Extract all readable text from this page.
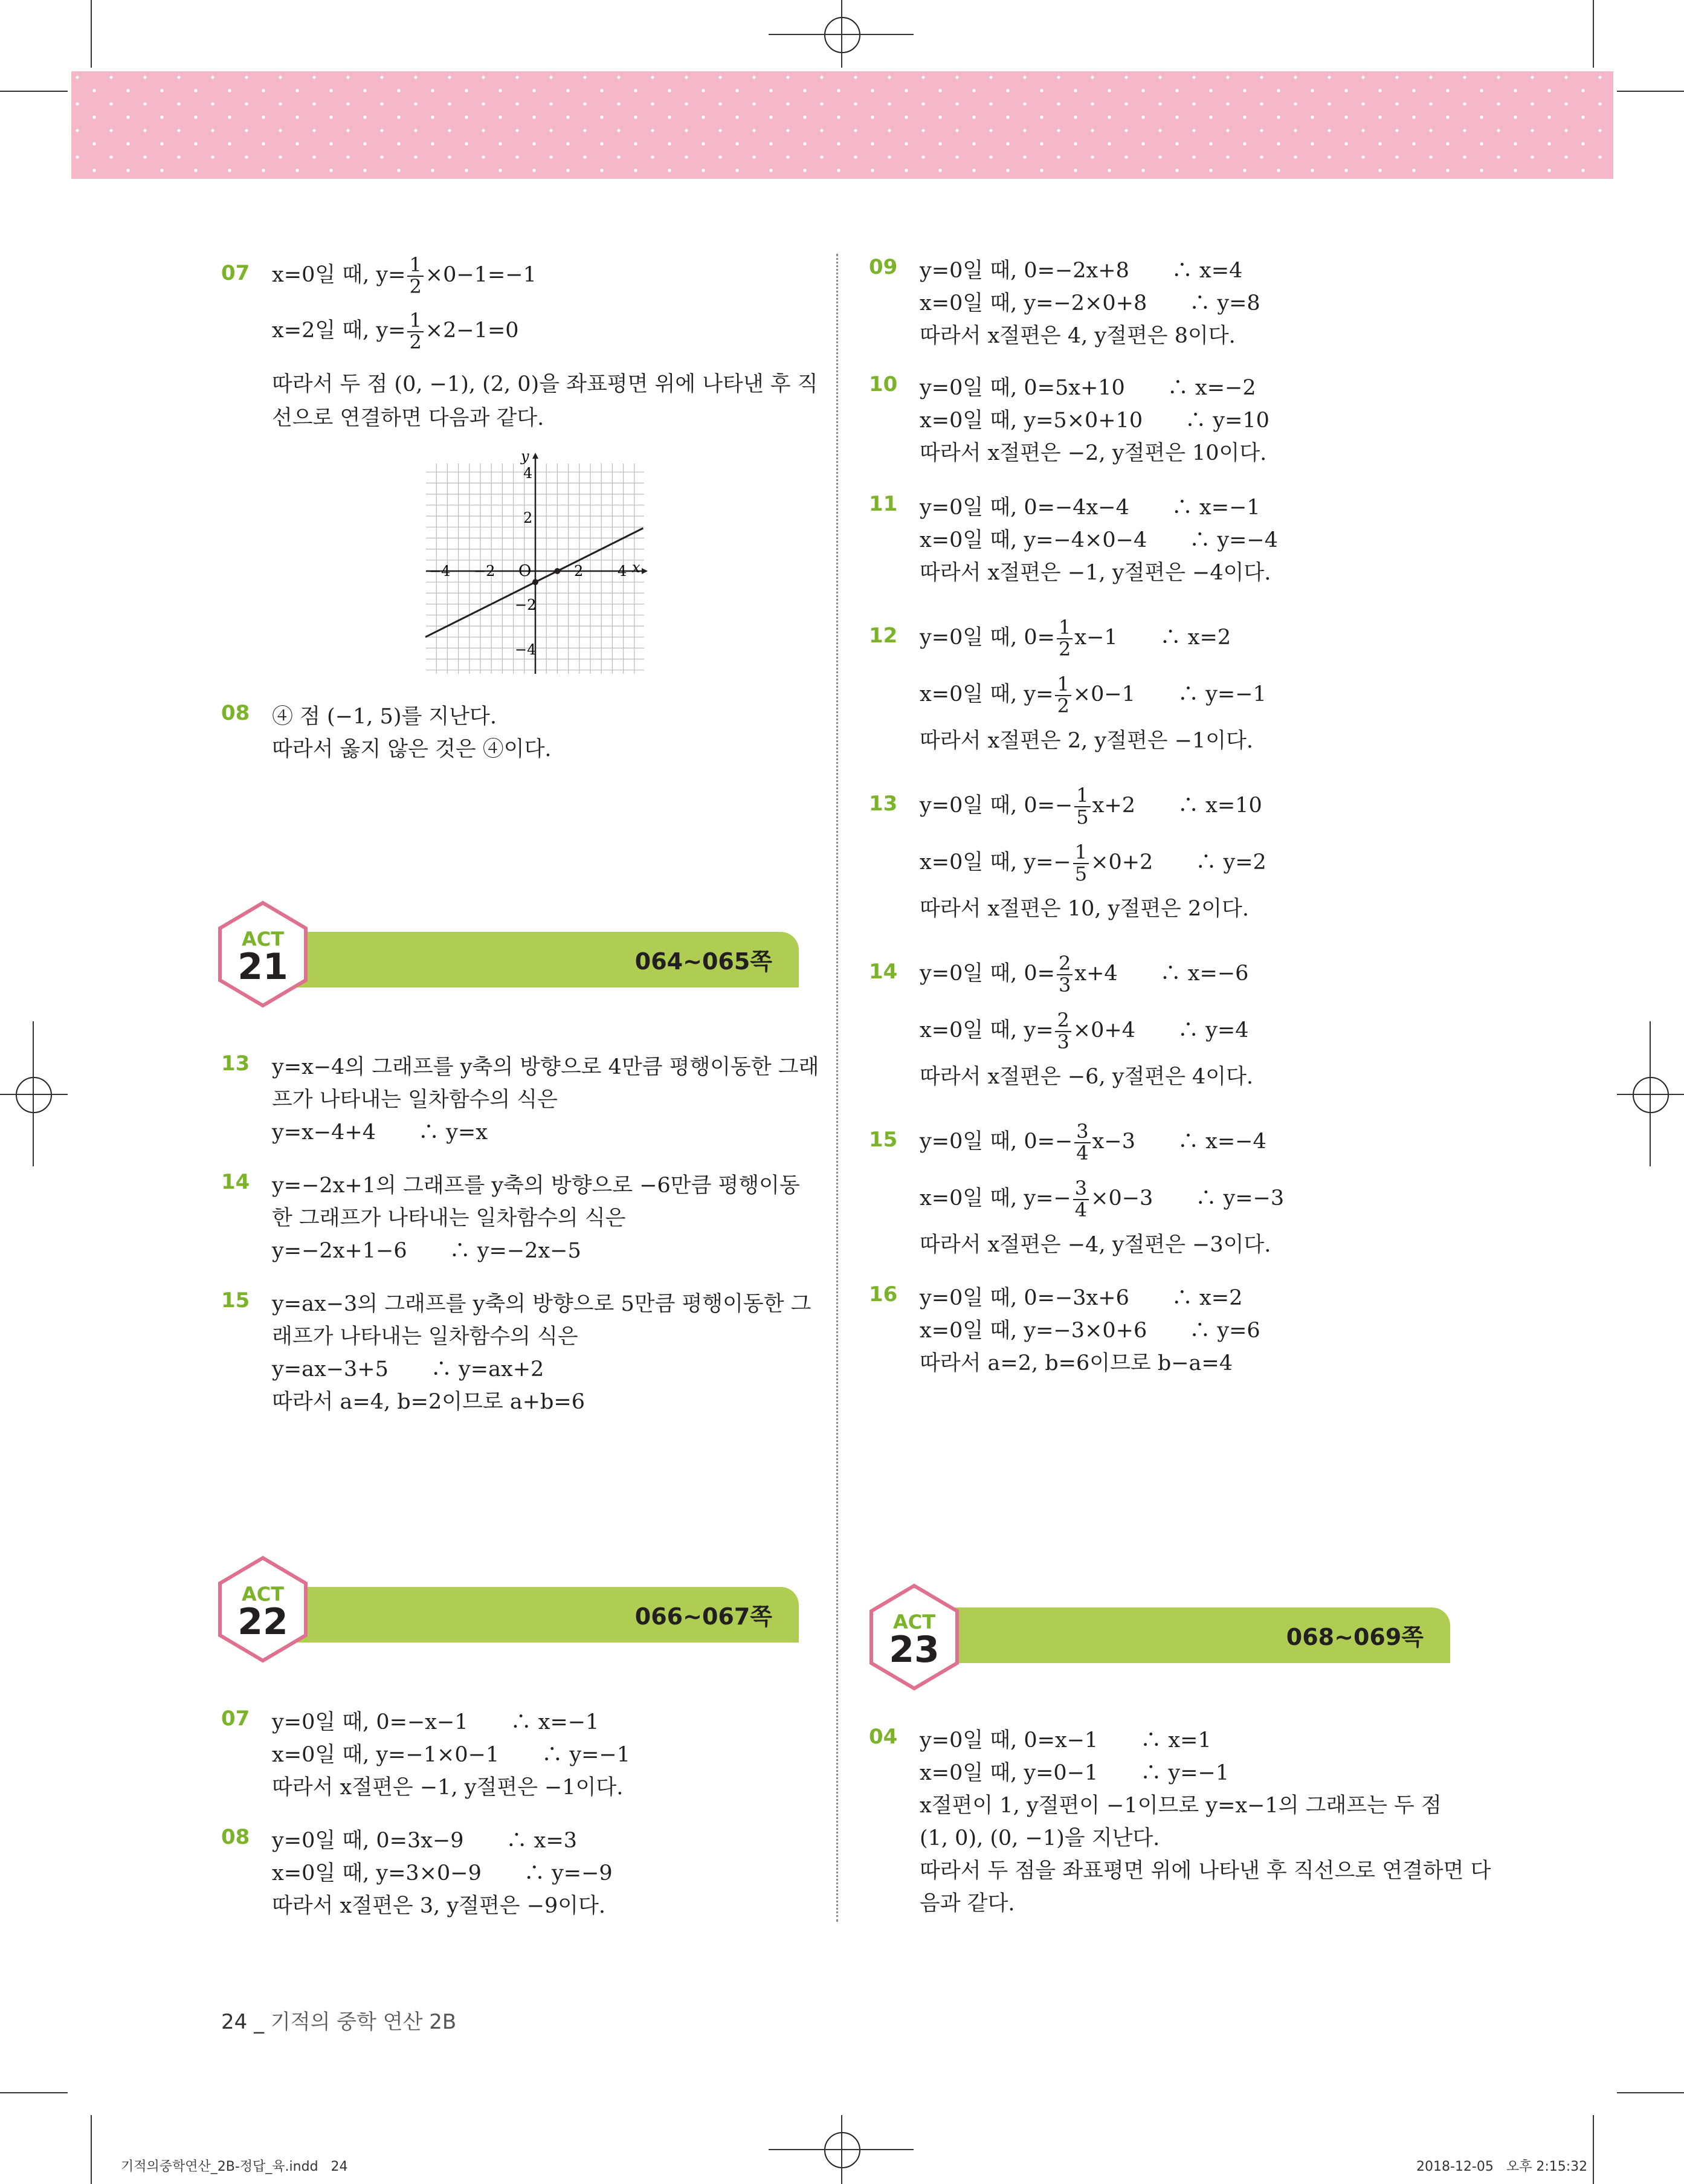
07 x=0일 때, $y= \frac{1}{2} \times 0-1=-1$
x=2일 때, $y= \frac{1}{2} \times 2-1=0$
따라서 두 점 (0, −1), (2, 0)을 좌표평면 위에 나타낸 후 직
선으로 연결하면 다음과 같다.
y
x
O
−4 −2	2 4
4
2
−2
−4
08 ④ 점 (−1, 5)를 지난다.
따라서 옳지 않은 것은 ④이다.
064~065쪽
ACT
21
13 y=x−4의 그래프를 y축의 방향으로 4만큼 평행이동한 그래
프가 나타내는 일차함수의 식은
y=x−4+4　　∴ y=x
14 y=−2x+1의 그래프를 y축의 방향으로 −6만큼 평행이동
한 그래프가 나타내는 일차함수의 식은
y=−2x+1−6　　∴ y=−2x−5
15 y=ax−3의 그래프를 y축의 방향으로 5만큼 평행이동한 그
래프가 나타내는 일차함수의 식은
y=ax−3+5　　∴ y=ax+2
따라서 a=4, b=2이므로 a+b=6
066~067쪽
ACT
22
07 y=0일 때, 0=−x−1　　∴ x=−1
x=0일 때, y=−1×0−1　　∴ y=−1
따라서 x절편은 −1, y절편은 −1이다.
08 y=0일 때, 0=3x−9　　∴ x=3
x=0일 때, y=3×0−9　　∴ y=−9
따라서 x절편은 3, y절편은 −9이다.
09 y=0일 때, 0=−2x+8　　∴ x=4
x=0일 때, y=−2×0+8　　∴ y=8
따라서 x절편은 4, y절편은 8이다.
10 y=0일 때, 0=5x+10　　∴ x=−2
x=0일 때, y=5×0+10　　∴ y=10
따라서 x절편은 −2, y절편은 10이다.
11 y=0일 때, 0=−4x−4　　∴ x=−1
x=0일 때, y=−4×0−4　　∴ y=−4
따라서 x절편은 −1, y절편은 −4이다.
12 y=0일 때, $0= \frac{1}{2} x-1$　　∴ x=2
x=0일 때, $y= \frac{1}{2} \times 0-1$　　∴ y=−1
따라서 x절편은 2, y절편은 −1이다.
13 y=0일 때, $0=- \frac{1}{5} x+2$　　∴ x=10
x=0일 때, $y=- \frac{1}{5} \times 0+2$　　∴ y=2
따라서 x절편은 10, y절편은 2이다.
14 y=0일 때, $0= \frac{2}{3} x+4$　　∴ x=−6
x=0일 때, $y= \frac{2}{3} \times 0+4$　　∴ y=4
따라서 x절편은 −6, y절편은 4이다.
15 y=0일 때, $0=- \frac{3}{4} x-3$　　∴ x=−4
x=0일 때, $y=- \frac{3}{4} \times 0-3$　　∴ y=−3
따라서 x절편은 −4, y절편은 −3이다.
16 y=0일 때, 0=−3x+6　　∴ x=2
x=0일 때, y=−3×0+6　　∴ y=6
따라서 a=2, b=6이므로 b−a=4
068~069쪽
ACT
23
04 y=0일 때, 0=x−1　　∴ x=1
x=0일 때, y=0−1　　∴ y=−1
x절편이 1, y절편이 −1이므로 y=x−1의 그래프는 두 점
(1, 0), (0, −1)을 지난다.
따라서 두 점을 좌표평면 위에 나타낸 후 직선으로 연결하면 다
음과 같다.
24 _ 기적의 중학 연산 2B
기적의중학연산_2B-정답_육.indd   24	2018-12-05   오후 2:15:32
